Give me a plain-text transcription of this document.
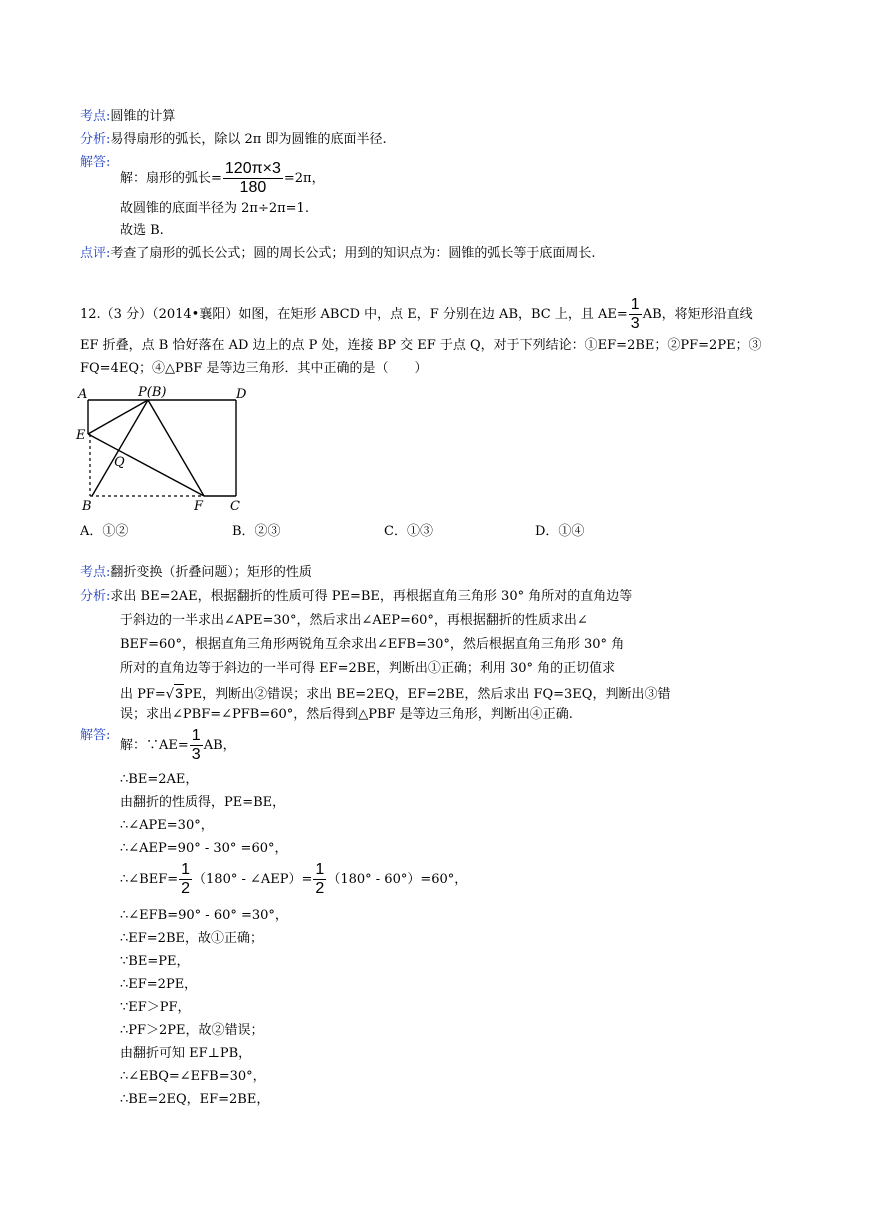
考点:圆锥的计算
分析:易得扇形的弧长，除以 2π 即为圆锥的底面半径.
解答:
解：扇形的弧长= $\frac{120\pi\times 3}{180} =2\pi$，
故圆锥的底面半径为 2π÷2π=1.
故选 B.
点评:考查了扇形的弧长公式；圆的周长公式；用到的知识点为：圆锥的弧长等于底面周长.
12.（3 分）（2014•襄阳）如图，在矩形 ABCD 中，点 E，F 分别在边 AB，BC 上，且 $AE= \frac{1}{3}$ AB，将矩形沿直线
EF 折叠，点 B 恰好落在 AD 边上的点 P 处，连接 BP 交 EF 于点 Q，对于下列结论：①EF=2BE；②PF=2PE；③
FQ=4EQ；④△PBF 是等边三角形．其中正确的是（　　）
A	P(B)	D
E
Q
B	F C
A．①②	B．②③	C．①③	D．①④
考点:翻折变换（折叠问题）；矩形的性质
分析:求出 BE=2AE，根据翻折的性质可得 PE=BE，再根据直角三角形 30° 角所对的直角边等
于斜边的一半求出∠APE=30°，然后求出∠AEP=60°，再根据翻折的性质求出∠
BEF=60°，根据直角三角形两锐角互余求出∠EFB=30°，然后根据直角三角形 30° 角
所对的直角边等于斜边的一半可得 EF=2BE，判断出①正确；利用 30° 角的正切值求
出 PF=√3PE，判断出②错误；求出 BE=2EQ，EF=2BE，然后求出 FQ=3EQ，判断出③错
误；求出∠PBF=∠PFB=60°，然后得到△PBF 是等边三角形，判断出④正确.
解答:
解：∵AE= $\frac{1}{3}$ AB，
∴BE=2AE，
由翻折的性质得，PE=BE，
∴∠APE=30°，
∴∠AEP=90° - 30° =60°，
∴∠BEF= $\frac{1}{2} (180^\circ$ - ∠AEP）= $\frac{1}{2} (180^\circ - 60^\circ)=60^\circ$，
∴∠EFB=90° - 60° =30°，
∴EF=2BE，故①正确；
∵BE=PE，
∴EF=2PE，
∵EF＞PF，
∴PF＞2PE，故②错误；
由翻折可知 EF⊥PB，
∴∠EBQ=∠EFB=30°，
∴BE=2EQ，EF=2BE，
